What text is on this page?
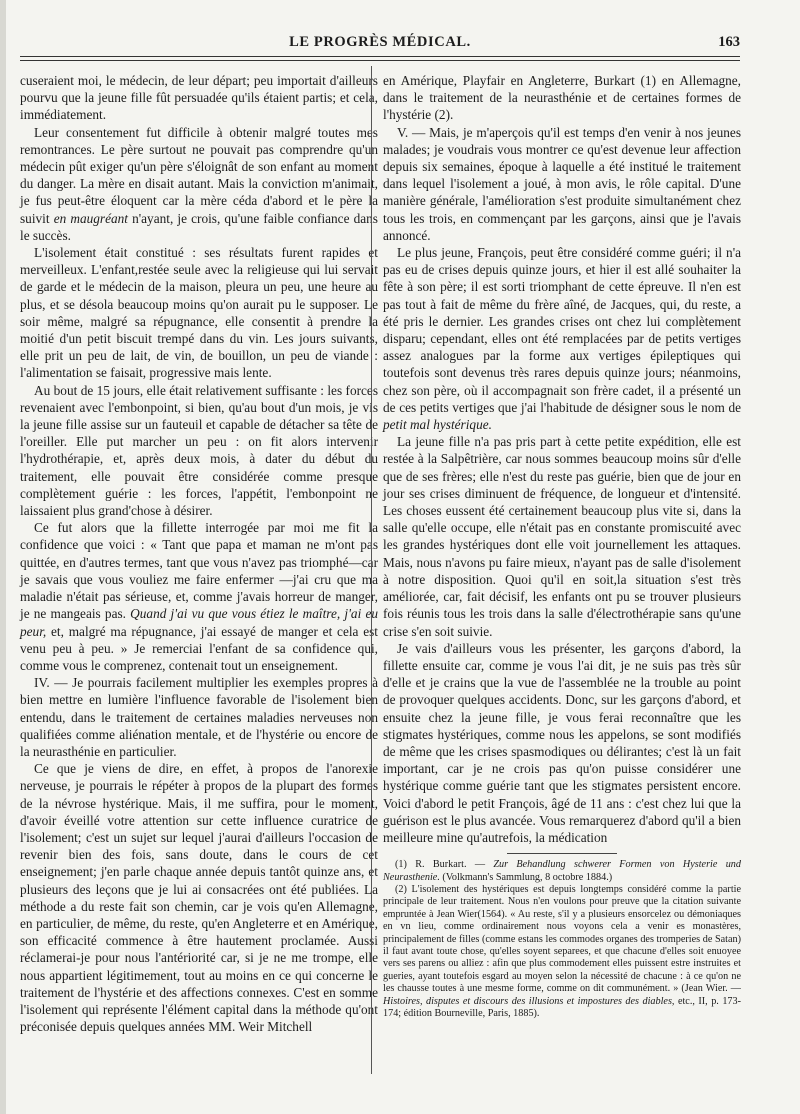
LE PROGRÈS MÉDICAL.	163

cuseraient moi, le médecin, de leur départ; peu importait d'ailleurs pourvu que la jeune fille fût persuadée qu'ils étaient partis; et cela, immédiatement.

Leur consentement fut difficile à obtenir malgré toutes mes remontrances. Le père surtout ne pouvait pas comprendre qu'un médecin pût exiger qu'un père s'éloignât de son enfant au moment du danger. La mère en disait autant. Mais la conviction m'animait, je fus peut-être éloquent car la mère céda d'abord et le père la suivit en maugréant n'ayant, je crois, qu'une faible confiance dans le succès.

L'isolement était constitué : ses résultats furent rapides et merveilleux. L'enfant,restée seule avec la religieuse qui lui servait de garde et le médecin de la maison, pleura un peu, une heure au plus, et se désola beaucoup moins qu'on aurait pu le supposer. Le soir même, malgré sa répugnance, elle consentit à prendre la moitié d'un petit biscuit trempé dans du vin. Les jours suivants, elle prit un peu de lait, de vin, de bouillon, un peu de viande : l'alimentation se faisait, progressive mais lente.

Au bout de 15 jours, elle était relativement suffisante : les forces revenaient avec l'embonpoint, si bien, qu'au bout d'un mois, je vis la jeune fille assise sur un fauteuil et capable de détacher sa tête de l'oreiller. Elle put marcher un peu : on fit alors intervenir l'hydrothérapie, et, après deux mois, à dater du début du traitement, elle pouvait être considérée comme presque complètement guérie : les forces, l'appétit, l'embonpoint ne laissaient plus grand'chose à désirer.

Ce fut alors que la fillette interrogée par moi me fit la confidence que voici : « Tant que papa et maman ne m'ont pas quittée, en d'autres termes, tant que vous n'avez pas triomphé—car je savais que vous vouliez me faire enfermer —j'ai cru que ma maladie n'était pas sérieuse, et, comme j'avais horreur de manger, je ne mangeais pas. Quand j'ai vu que vous étiez le maître, j'ai eu peur, et, malgré ma répugnance, j'ai essayé de manger et cela est venu peu à peu. » Je remerciai l'enfant de sa confidence qui, comme vous le comprenez, contenait tout un enseignement.

IV. — Je pourrais facilement multiplier les exemples propres à bien mettre en lumière l'influence favorable de l'isolement bien entendu, dans le traitement de certaines maladies nerveuses non qualifiées comme aliénation mentale, et de l'hystérie ou encore de la neurasthénie en particulier.

Ce que je viens de dire, en effet, à propos de l'anorexie nerveuse, je pourrais le répéter à propos de la plupart des formes de la névrose hystérique. Mais, il me suffira, pour le moment, d'avoir éveillé votre attention sur cette influence curatrice de l'isolement; c'est un sujet sur lequel j'aurai d'ailleurs l'occasion de revenir bien des fois, sans doute, dans le cours de cet enseignement; j'en parle chaque année depuis tantôt quinze ans, et plusieurs des leçons que je lui ai consacrées ont été publiées. La méthode a du reste fait son chemin, car je vois qu'en Allemagne, en particulier, de même, du reste, qu'en Angleterre et en Amérique, son efficacité commence à être hautement proclamée. Aussi réclamerai-je pour nous l'antériorité car, si je ne me trompe, elle nous appartient légitimement, tout au moins en ce qui concerne le traitement de l'hystérie et des affections connexes. C'est en somme l'isolement qui représente l'élément capital dans la méthode qu'ont préconisée depuis quelques années MM. Weir Mitchell

en Amérique, Playfair en Angleterre, Burkart (1) en Allemagne, dans le traitement de la neurasthénie et de certaines formes de l'hystérie (2).

V. — Mais, je m'aperçois qu'il est temps d'en venir à nos jeunes malades; je voudrais vous montrer ce qu'est devenue leur affection depuis six semaines, époque à laquelle a été institué le traitement dans lequel l'isolement a joué, à mon avis, le rôle capital. D'une manière générale, l'amélioration s'est produite simultanément chez tous les trois, en commençant par les garçons, ainsi que je l'avais annoncé.

Le plus jeune, François, peut être considéré comme guéri; il n'a pas eu de crises depuis quinze jours, et hier il est allé souhaiter la fête à son père; il est sorti triomphant de cette épreuve. Il n'en est pas tout à fait de même du frère aîné, de Jacques, qui, du reste, a été pris le dernier. Les grandes crises ont chez lui complètement disparu; cependant, elles ont été remplacées par de petits vertiges assez analogues par la forme aux vertiges épileptiques qui toutefois sont devenus très rares depuis quinze jours; néanmoins, chez son père, où il accompagnait son frère cadet, il a présenté un de ces petits vertiges que j'ai l'habitude de désigner sous le nom de petit mal hystérique.

La jeune fille n'a pas pris part à cette petite expédition, elle est restée à la Salpêtrière, car nous sommes beaucoup moins sûr d'elle que de ses frères; elle n'est du reste pas guérie, bien que de jour en jour ses crises diminuent de fréquence, de longueur et d'intensité. Les choses eussent été certainement beaucoup plus vite si, dans la salle qu'elle occupe, elle n'était pas en constante promiscuité avec les grandes hystériques dont elle voit journellement les attaques. Mais, nous n'avons pu faire mieux, n'ayant pas de salle d'isolement à notre disposition. Quoi qu'il en soit,la situation s'est très améliorée, car, fait décisif, les enfants ont pu se trouver plusieurs fois réunis tous les trois dans la salle d'électrothérapie sans qu'une crise s'en soit suivie.

Je vais d'ailleurs vous les présenter, les garçons d'abord, la fillette ensuite car, comme je vous l'ai dit, je ne suis pas très sûr d'elle et je crains que la vue de l'assemblée ne la trouble au point de provoquer quelques accidents. Donc, sur les garçons d'abord, et ensuite chez la jeune fille, je vous ferai reconnaître que les stigmates hystériques, comme nous les appelons, se sont modifiés de même que les crises spasmodiques ou délirantes; c'est là un fait important, car je ne crois pas qu'on puisse considérer une hystérique comme guérie tant que les stigmates persistent encore. Voici d'abord le petit François, âgé de 11 ans : c'est chez lui que la guérison est le plus avancée. Vous remarquerez d'abord qu'il a bien meilleure mine qu'autrefois, la médication

(1) R. Burkart. — Zur Behandlung schwerer Formen von Hysterie und Neurasthenie. (Volkmann's Sammlung, 8 octobre 1884.)

(2) L'isolement des hystériques est depuis longtemps considéré comme la partie principale de leur traitement. Nous n'en voulons pour preuve que la citation suivante empruntée à Jean Wier(1564). « Au reste, s'il y a plusieurs ensorcelez ou démoniaques en vn lieu, comme ordinairement nous voyons cela a venir es monastères, principalement de filles (comme estans les commodes organes des tromperies de Satan) il faut avant toute chose, qu'elles soyent separees, et que chacune d'elles soit enuoyee vers ses parens ou alliez : afin que plus commodement elles puissent estre instruites et gueries, ayant toutefois esgard au moyen selon la nécessité de chacune : à ce qu'on ne les chausse toutes à une mesme forme, comme on dit communément. » (Jean Wier. — Histoires, disputes et discours des illusions et impostures des diables, etc., II, p. 173-174; édition Bourneville, Paris, 1885).
